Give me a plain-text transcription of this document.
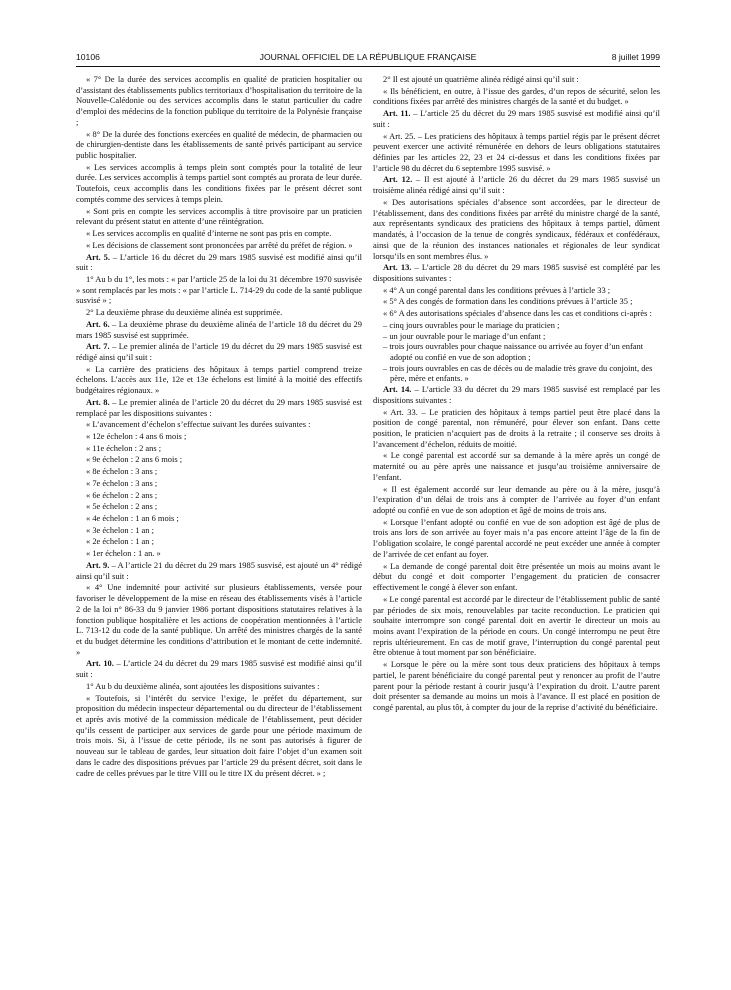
10106	JOURNAL OFFICIEL DE LA RÉPUBLIQUE FRANÇAISE	8 juillet 1999

« 7° De la durée des services accomplis en qualité de praticien hospitalier ou d’assistant des établissements publics territoriaux d’hospitalisation du territoire de la Nouvelle-Calédonie ou des services accomplis dans le statut particulier du cadre d’emploi des médecins de la fonction publique du territoire de la Polynésie française ;

« 8° De la durée des fonctions exercées en qualité de médecin, de pharmacien ou de chirurgien-dentiste dans les établissements de santé privés participant au service public hospitalier.

« Les services accomplis à temps plein sont comptés pour la totalité de leur durée. Les services accomplis à temps partiel sont comptés au prorata de leur durée. Toutefois, ceux accomplis dans les conditions fixées par le présent décret sont comptés comme des services à temps plein.

« Sont pris en compte les services accomplis à titre provisoire par un praticien relevant du présent statut en attente d’une réintégration.

« Les services accomplis en qualité d’interne ne sont pas pris en compte.

« Les décisions de classement sont prononcées par arrêté du préfet de région. »

Art. 5. – L’article 16 du décret du 29 mars 1985 susvisé est modifié ainsi qu’il suit :

1° Au b du 1°, les mots : « par l’article 25 de la loi du 31 décembre 1970 susvisée » sont remplacés par les mots : « par l’article L. 714-29 du code de la santé publique susvisé » ;

2° La deuxième phrase du deuxième alinéa est supprimée.

Art. 6. – La deuxième phrase du deuxième alinéa de l’article 18 du décret du 29 mars 1985 susvisé est supprimée.

Art. 7. – Le premier alinéa de l’article 19 du décret du 29 mars 1985 susvisé est rédigé ainsi qu’il suit :

« La carrière des praticiens des hôpitaux à temps partiel comprend treize échelons. L’accès aux 11e, 12e et 13e échelons est limité à la moitié des effectifs budgétaires régionaux. »

Art. 8. – Le premier alinéa de l’article 20 du décret du 29 mars 1985 susvisé est remplacé par les dispositions suivantes :

« L’avancement d’échelon s’effectue suivant les durées suivantes :

« 12e échelon : 4 ans 6 mois ;

« 11e échelon : 2 ans ;

« 9e échelon : 2 ans 6 mois ;

« 8e échelon : 3 ans ;

« 7e échelon : 3 ans ;

« 6e échelon : 2 ans ;

« 5e échelon : 2 ans ;

« 4e échelon : 1 an 6 mois ;

« 3e échelon : 1 an ;

« 2e échelon : 1 an ;

« 1er échelon : 1 an. »

Art. 9. – A l’article 21 du décret du 29 mars 1985 susvisé, est ajouté un 4° rédigé ainsi qu’il suit :

« 4° Une indemnité pour activité sur plusieurs établissements, versée pour favoriser le développement de la mise en réseau des établissements visés à l’article 2 de la loi n° 86-33 du 9 janvier 1986 portant dispositions statutaires relatives à la fonction publique hospitalière et les actions de coopération mentionnées à l’article L. 713-12 du code de la santé publique. Un arrêté des ministres chargés de la santé et du budget détermine les conditions d’attribution et le montant de cette indemnité. »

Art. 10. – L’article 24 du décret du 29 mars 1985 susvisé est modifié ainsi qu’il suit :

1° Au b du deuxième alinéa, sont ajoutées les dispositions suivantes :

« Toutefois, si l’intérêt du service l’exige, le préfet du département, sur proposition du médecin inspecteur départemental ou du directeur de l’établissement et après avis motivé de la commission médicale de l’établissement, peut décider qu’ils cessent de participer aux services de garde pour une période maximum de trois mois. Si, à l’issue de cette période, ils ne sont pas autorisés à figurer de nouveau sur le tableau de gardes, leur situation doit faire l’objet d’un examen soit dans le cadre des dispositions prévues par l’article 29 du présent décret, soit dans le cadre de celles prévues par le titre VIII ou le titre IX du présent décret. » ;

2° Il est ajouté un quatrième alinéa rédigé ainsi qu’il suit :

« Ils bénéficient, en outre, à l’issue des gardes, d’un repos de sécurité, selon les conditions fixées par arrêté des ministres chargés de la santé et du budget. »

Art. 11. – L’article 25 du décret du 29 mars 1985 susvisé est modifié ainsi qu’il suit :

« Art. 25. – Les praticiens des hôpitaux à temps partiel régis par le présent décret peuvent exercer une activité rémunérée en dehors de leurs obligations statutaires définies par les articles 22, 23 et 24 ci-dessus et dans les conditions fixées par l’article 98 du décret du 6 septembre 1995 susvisé. »

Art. 12. – Il est ajouté à l’article 26 du décret du 29 mars 1985 susvisé un troisième alinéa rédigé ainsi qu’il suit :

« Des autorisations spéciales d’absence sont accordées, par le directeur de l’établissement, dans des conditions fixées par arrêté du ministre chargé de la santé, aux représentants syndicaux des praticiens des hôpitaux à temps partiel, dûment mandatés, à l’occasion de la tenue de congrès syndicaux, fédéraux et confédéraux, ainsi que de la réunion des instances nationales et régionales de leur syndicat lorsqu’ils en sont membres élus. »

Art. 13. – L’article 28 du décret du 29 mars 1985 susvisé est complété par les dispositions suivantes :

« 4° A un congé parental dans les conditions prévues à l’article 33 ;

« 5° A des congés de formation dans les conditions prévues à l’article 35 ;

« 6° A des autorisations spéciales d’absence dans les cas et conditions ci-après :

– cinq jours ouvrables pour le mariage du praticien ;

– un jour ouvrable pour le mariage d’un enfant ;

– trois jours ouvrables pour chaque naissance ou arrivée au foyer d’un enfant adopté ou confié en vue de son adoption ;

– trois jours ouvrables en cas de décès ou de maladie très grave du conjoint, des père, mère et enfants. »

Art. 14. – L’article 33 du décret du 29 mars 1985 susvisé est remplacé par les dispositions suivantes :

« Art. 33. – Le praticien des hôpitaux à temps partiel peut être placé dans la position de congé parental, non rémunéré, pour élever son enfant. Dans cette position, le praticien n’acquiert pas de droits à la retraite ; il conserve ses droits à l’avancement d’échelon, réduits de moitié.

« Le congé parental est accordé sur sa demande à la mère après un congé de maternité ou au père après une naissance et jusqu’au troisième anniversaire de l’enfant.

« Il est également accordé sur leur demande au père ou à la mère, jusqu’à l’expiration d’un délai de trois ans à compter de l’arrivée au foyer d’un enfant adopté ou confié en vue de son adoption et âgé de moins de trois ans.

« Lorsque l’enfant adopté ou confié en vue de son adoption est âgé de plus de trois ans lors de son arrivée au foyer mais n’a pas encore atteint l’âge de la fin de l’obligation scolaire, le congé parental accordé ne peut excéder une année à compter de l’arrivée de cet enfant au foyer.

« La demande de congé parental doit être présentée un mois au moins avant le début du congé et doit comporter l’engagement du praticien de consacrer effectivement le congé à élever son enfant.

« Le congé parental est accordé par le directeur de l’établissement public de santé par périodes de six mois, renouvelables par tacite reconduction. Le praticien qui souhaite interrompre son congé parental doit en avertir le directeur un mois au moins avant l’expiration de la période en cours. Un congé interrompu ne peut être repris ultérieurement. En cas de motif grave, l’interruption du congé parental peut être obtenue à tout moment par son bénéficiaire.

« Lorsque le père ou la mère sont tous deux praticiens des hôpitaux à temps partiel, le parent bénéficiaire du congé parental peut y renoncer au profit de l’autre parent pour la période restant à courir jusqu’à l’expiration du droit. L’autre parent doit présenter sa demande au moins un mois à l’avance. Il est placé en position de congé parental, au plus tôt, à compter du jour de la reprise d’activité du bénéficiaire.
